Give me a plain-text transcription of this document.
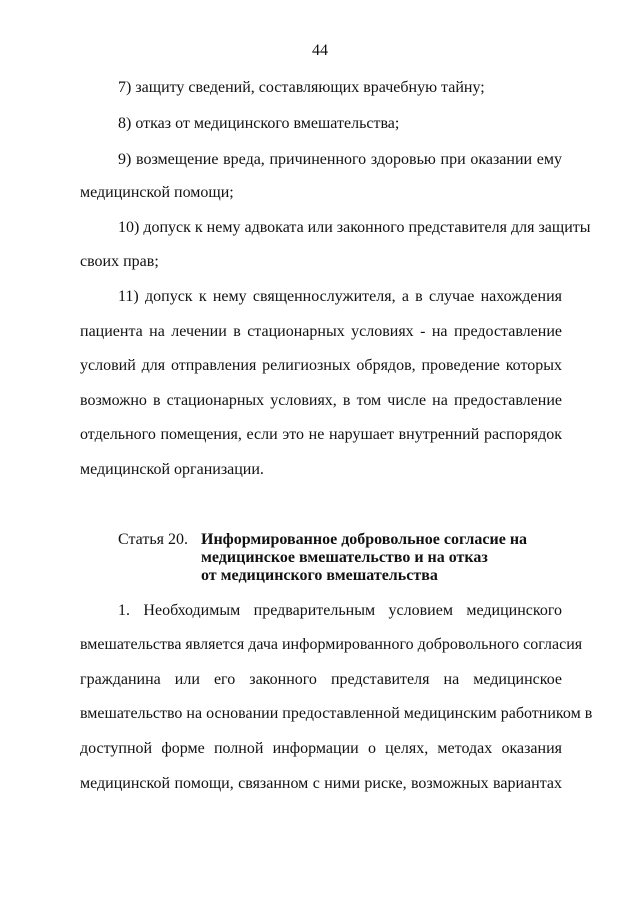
44
7) защиту сведений, составляющих врачебную тайну;
8) отказ от медицинского вмешательства;
9) возмещение вреда, причиненного здоровью при оказании ему
медицинской помощи;
10) допуск к нему адвоката или законного представителя для защиты
своих прав;
11) допуск к нему священнослужителя, а в случае нахождения
пациента на лечении в стационарных условиях - на предоставление
условий для отправления религиозных обрядов, проведение которых
возможно в стационарных условиях, в том числе на предоставление
отдельного помещения, если это не нарушает внутренний распорядок
медицинской организации.
Статья 20. Информированное добровольное согласие на
медицинское вмешательство и на отказ
от медицинского вмешательства
1. Необходимым предварительным условием медицинского
вмешательства является дача информированного добровольного согласия
гражданина или его законного представителя на медицинское
вмешательство на основании предоставленной медицинским работником в
доступной форме полной информации о целях, методах оказания
медицинской помощи, связанном с ними риске, возможных вариантах
